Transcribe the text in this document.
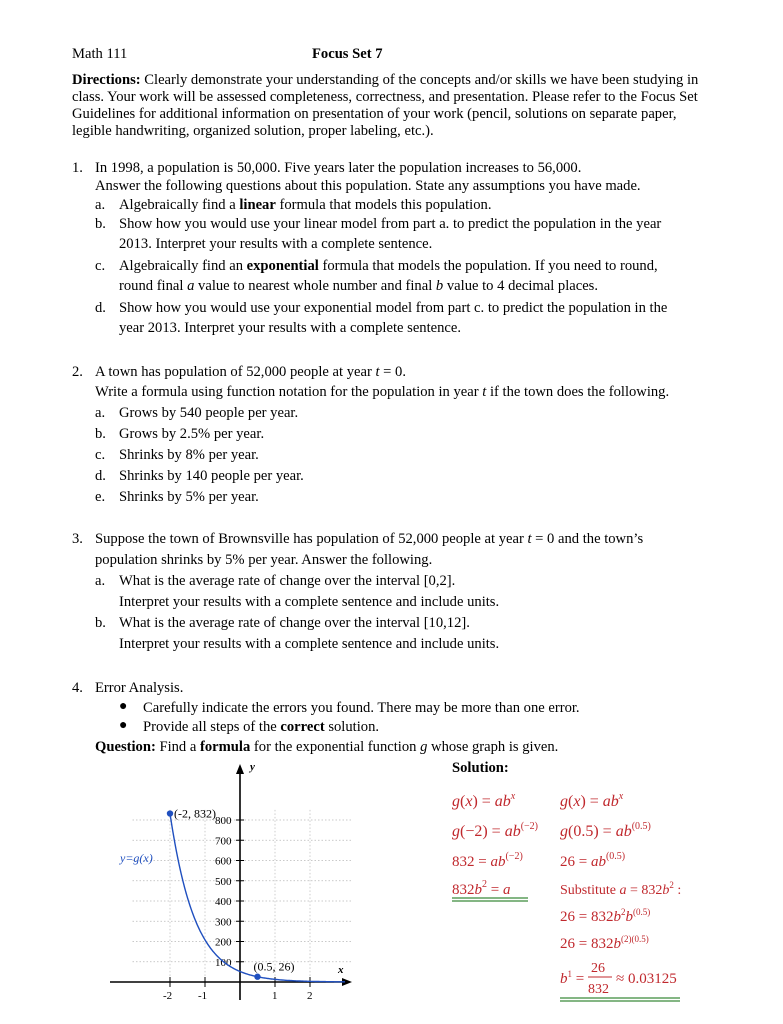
Math 111	Focus Set 7
Directions: Clearly demonstrate your understanding of the concepts and/or skills we have been studying in class. Your work will be assessed completeness, correctness, and presentation. Please refer to the Focus Set Guidelines for additional information on presentation of your work (pencil, solutions on separate paper, legible handwriting, organized solution, proper labeling, etc.).
1. In 1998, a population is 50,000. Five years later the population increases to 56,000.
Answer the following questions about this population. State any assumptions you have made.
a. Algebraically find a linear formula that models this population.
b. Show how you would use your linear model from part a. to predict the population in the year
2013. Interpret your results with a complete sentence.
c. Algebraically find an exponential formula that models the population. If you need to round,
round final a value to nearest whole number and final b value to 4 decimal places.
d. Show how you would use your exponential model from part c. to predict the population in the
year 2013. Interpret your results with a complete sentence.
2. A town has population of 52,000 people at year t = 0.
Write a formula using function notation for the population in year t if the town does the following.
a. Grows by 540 people per year.
b. Grows by 2.5% per year.
c. Shrinks by 8% per year.
d. Shrinks by 140 people per year.
e. Shrinks by 5% per year.
3. Suppose the town of Brownsville has population of 52,000 people at year t = 0 and the town’s
population shrinks by 5% per year. Answer the following.
a. What is the average rate of change over the interval [0,2].
Interpret your results with a complete sentence and include units.
b. What is the average rate of change over the interval [10,12].
Interpret your results with a complete sentence and include units.
4. Error Analysis.
● Carefully indicate the errors you found. There may be more than one error.
● Provide all steps of the correct solution.
Question: Find a formula for the exponential function g whose graph is given.
Solution:
100
200
300
400
500
600
700
800
-2 -1	1	2
(-2, 832)
(0.5, 26)
y
x
y=g(x)
$g(x) = ab^x$
$g(-2) = ab^{(-2)}$
$832 = ab^{(-2)}$
$832b^2 = a$
$g(x) = ab^x$
$g(0.5) = ab^{(0.5)}$
$26 = ab^{(0.5)}$
Substitute $a = 832b^2$ :
$26 = 832b^2b^{(0.5)}$
$26 = 832b^{(2)(0.5)}$
$b^1$ =
26
832
≈ 0.03125
